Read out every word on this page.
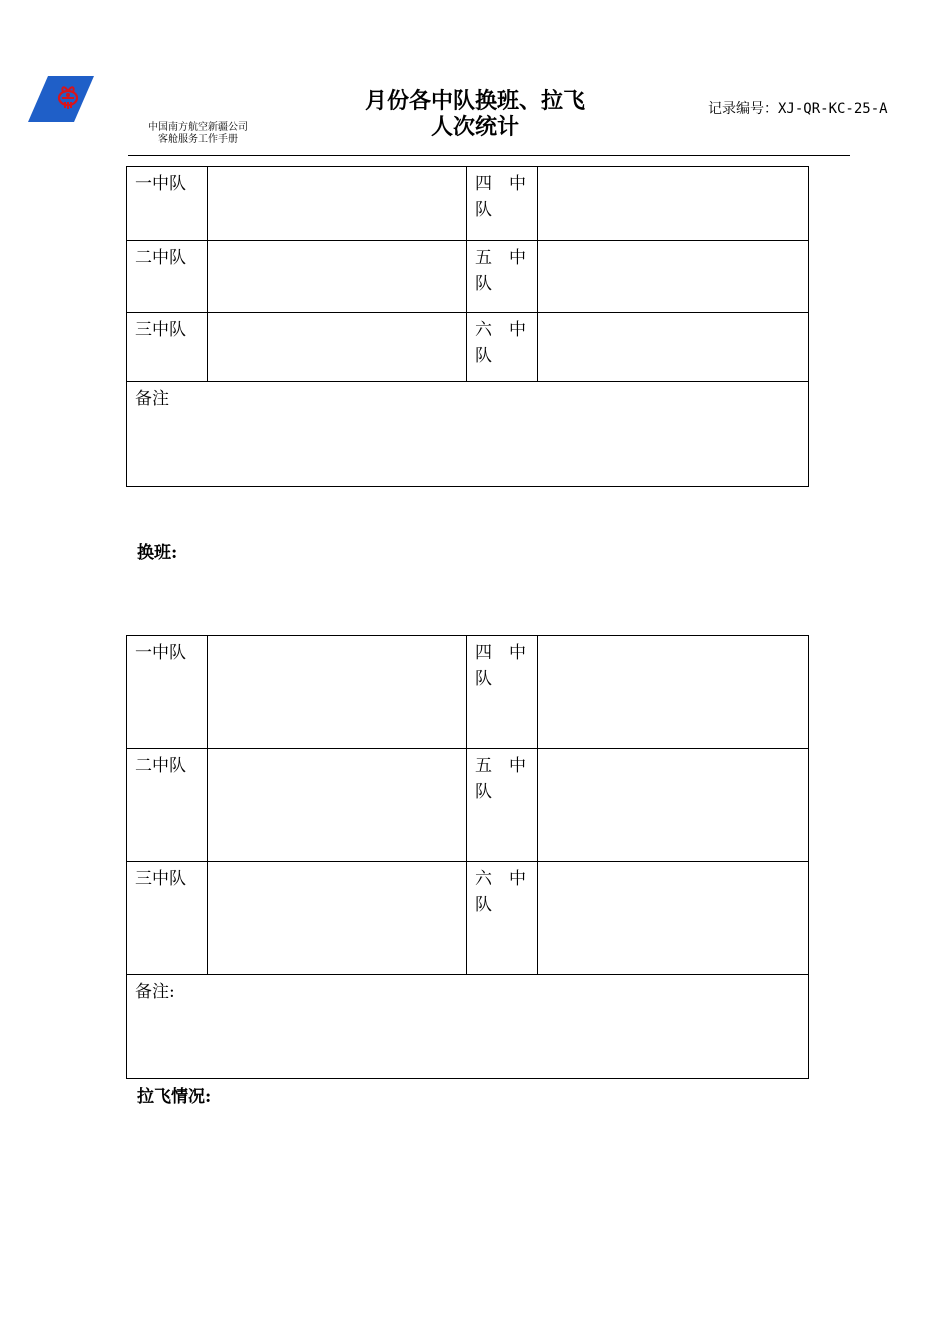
中国南方航空新疆公司
客舱服务工作手册
月份各中队换班、拉飞
人次统计
记录编号：XJ-QR-KC-25-A
一中队		四 中
队	
二中队		五 中
队	
三中队		六 中
队	
备注			
换班:
一中队		四 中
队	
二中队		五 中
队	
三中队		六 中
队	
备注:			
拉飞情况:
